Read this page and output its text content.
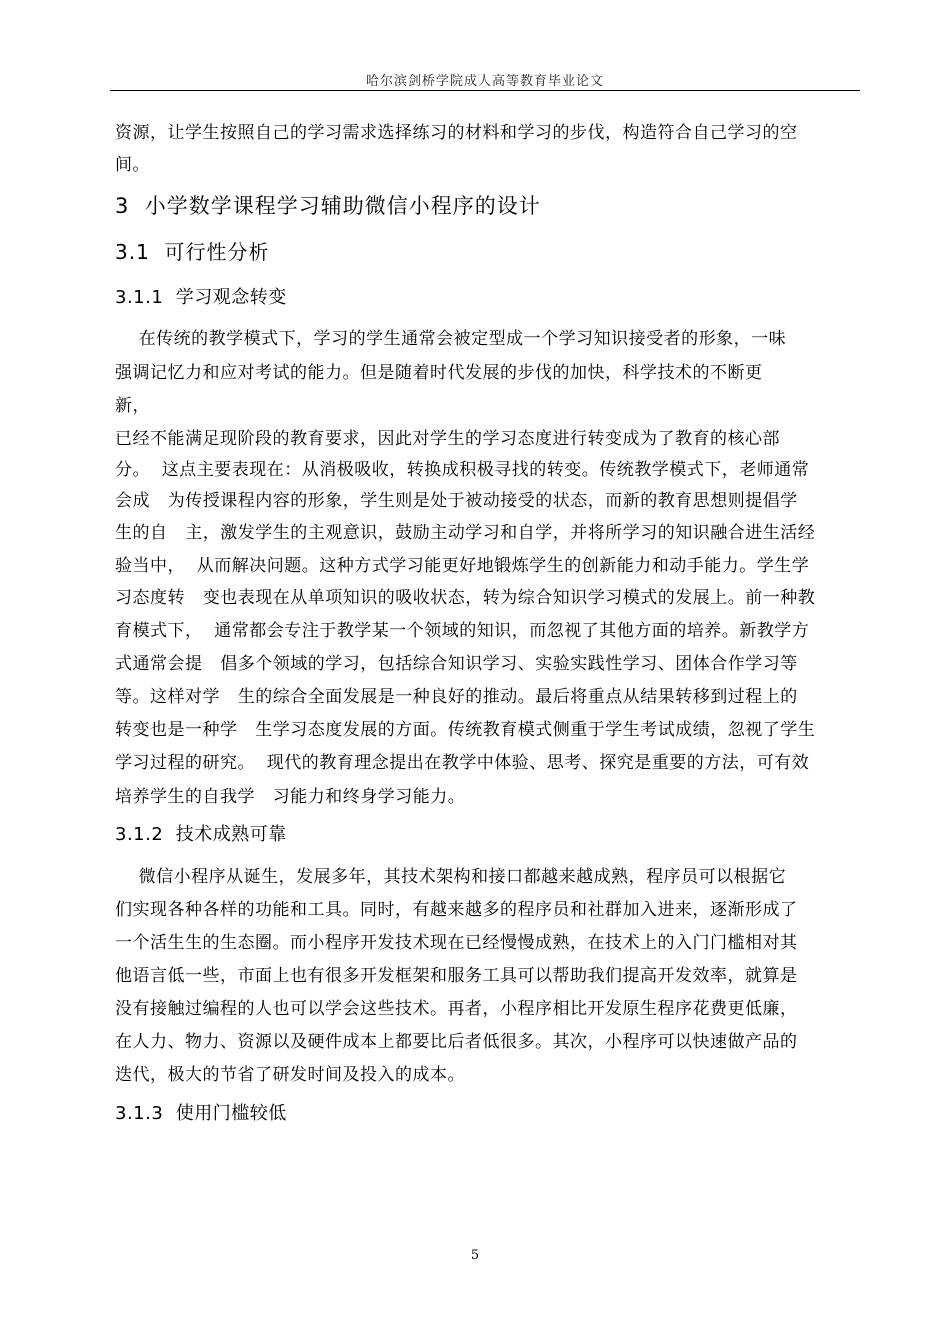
哈尔滨剑桥学院成人高等教育毕业论文
资源，让学生按照自己的学习需求选择练习的材料和学习的步伐，构造符合自己学习的空
间。
3  小学数学课程学习辅助微信小程序的设计
3.1  可行性分析
3.1.1  学习观念转变
在传统的教学模式下，学习的学生通常会被定型成一个学习知识接受者的形象，一味
强调记忆力和应对考试的能力。但是随着时代发展的步伐的加快，科学技术的不断更
新，
已经不能满足现阶段的教育要求，因此对学生的学习态度进行转变成为了教育的核心部
分。  这点主要表现在：从消极吸收，转换成积极寻找的转变。传统教学模式下，老师通常
会成   为传授课程内容的形象，学生则是处于被动接受的状态，而新的教育思想则提倡学
生的自   主，激发学生的主观意识，鼓励主动学习和自学，并将所学习的知识融合进生活经
验当中，  从而解决问题。这种方式学习能更好地锻炼学生的创新能力和动手能力。学生学
习态度转   变也表现在从单项知识的吸收状态，转为综合知识学习模式的发展上。前一种教
育模式下，  通常都会专注于教学某一个领域的知识，而忽视了其他方面的培养。新教学方
式通常会提   倡多个领域的学习，包括综合知识学习、实验实践性学习、团体合作学习等
等。这样对学   生的综合全面发展是一种良好的推动。最后将重点从结果转移到过程上的
转变也是一种学   生学习态度发展的方面。传统教育模式侧重于学生考试成绩，忽视了学生
学习过程的研究。  现代的教育理念提出在教学中体验、思考、探究是重要的方法，可有效
培养学生的自我学   习能力和终身学习能力。
3.1.2  技术成熟可靠
微信小程序从诞生，发展多年，其技术架构和接口都越来越成熟，程序员可以根据它
们实现各种各样的功能和工具。同时，有越来越多的程序员和社群加入进来，逐渐形成了
一个活生生的生态圈。而小程序开发技术现在已经慢慢成熟，在技术上的入门门槛相对其
他语言低一些，市面上也有很多开发框架和服务工具可以帮助我们提高开发效率，就算是
没有接触过编程的人也可以学会这些技术。再者，小程序相比开发原生程序花费更低廉，
在人力、物力、资源以及硬件成本上都要比后者低很多。其次，小程序可以快速做产品的
迭代，极大的节省了研发时间及投入的成本。
3.1.3  使用门槛较低
5
